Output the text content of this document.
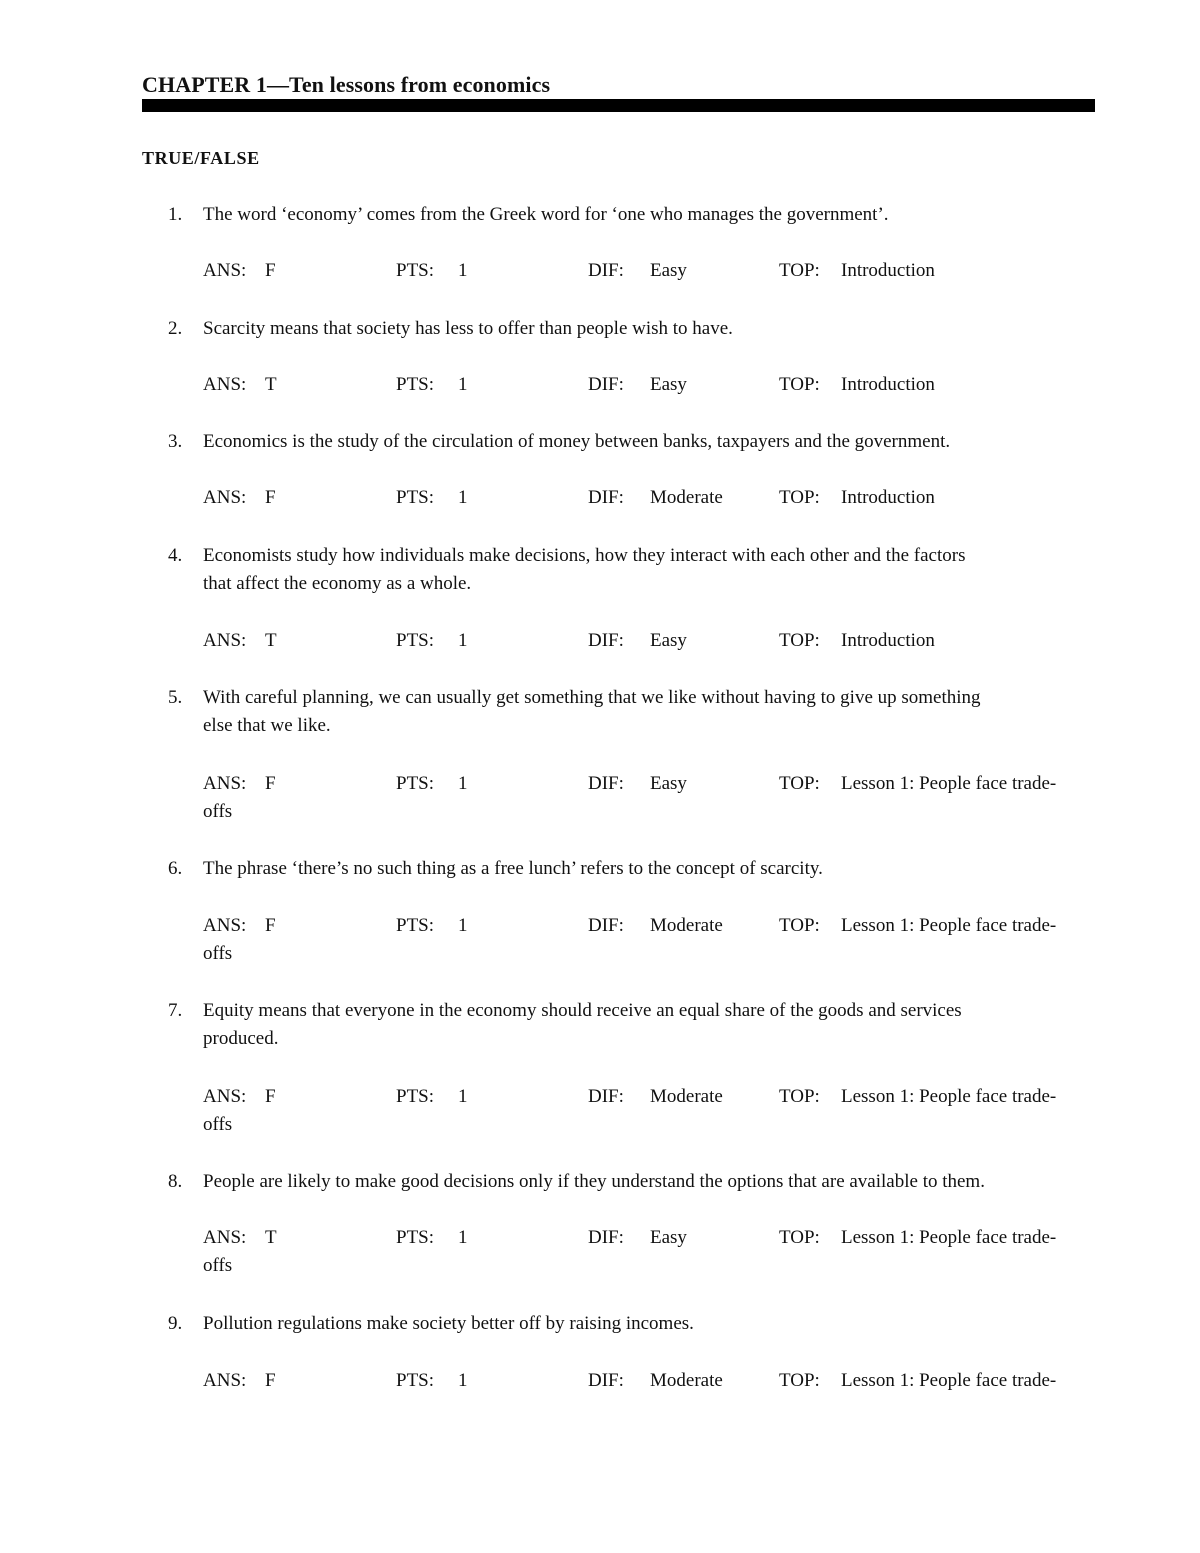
CHAPTER 1—Ten lessons from economics
TRUE/FALSE
1. The word ‘economy’ comes from the Greek word for ‘one who manages the government’.
ANS: F	PTS: 1	DIF: Easy	TOP: Introduction
2. Scarcity means that society has less to offer than people wish to have.
ANS: T	PTS: 1	DIF: Easy	TOP: Introduction
3. Economics is the study of the circulation of money between banks, taxpayers and the government.
ANS: F	PTS: 1	DIF: Moderate	TOP: Introduction
4. Economists study how individuals make decisions, how they interact with each other and the factors
that affect the economy as a whole.
ANS: T	PTS: 1	DIF: Easy	TOP: Introduction
5. With careful planning, we can usually get something that we like without having to give up something
else that we like.
ANS: F	PTS: 1	DIF: Easy	TOP: Lesson 1: People face trade-
offs
6. The phrase ‘there’s no such thing as a free lunch’ refers to the concept of scarcity.
ANS: F	PTS: 1	DIF: Moderate	TOP: Lesson 1: People face trade-
offs
7. Equity means that everyone in the economy should receive an equal share of the goods and services
produced.
ANS: F	PTS: 1	DIF: Moderate	TOP: Lesson 1: People face trade-
offs
8. People are likely to make good decisions only if they understand the options that are available to them.
ANS: T	PTS: 1	DIF: Easy	TOP: Lesson 1: People face trade-
offs
9. Pollution regulations make society better off by raising incomes.
ANS: F	PTS: 1	DIF: Moderate	TOP: Lesson 1: People face trade-
